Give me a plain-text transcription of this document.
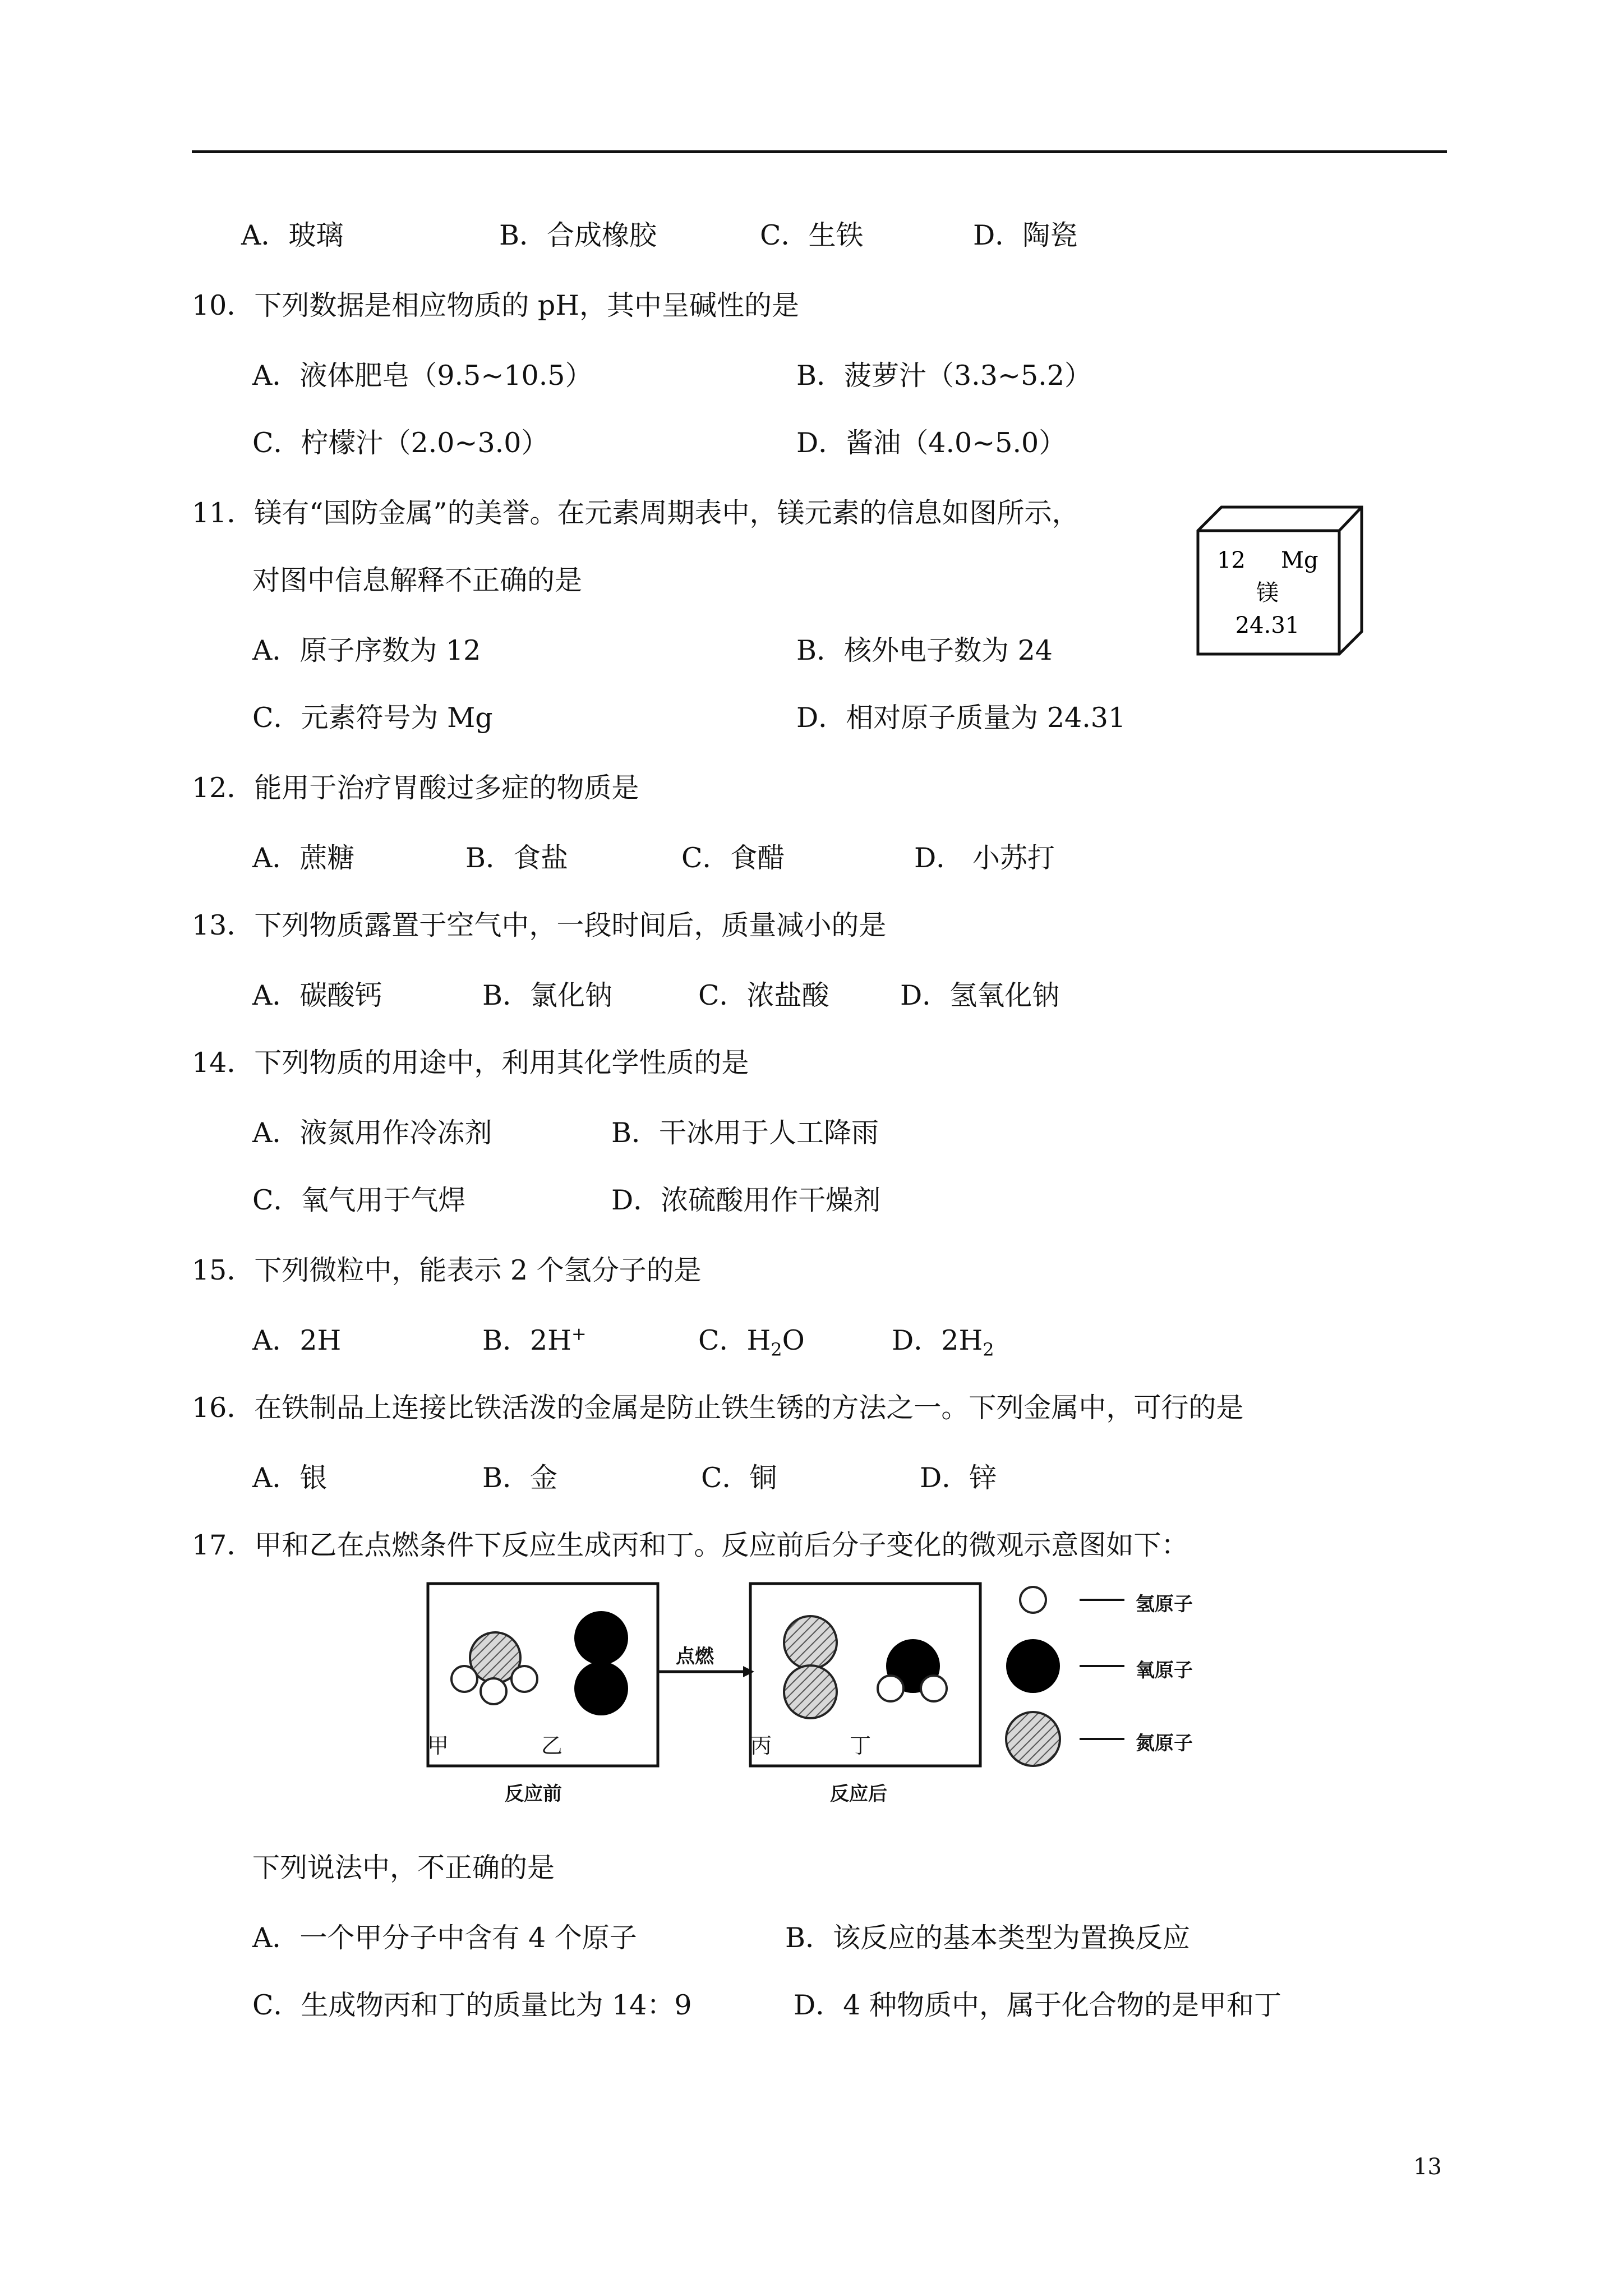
A．玻璃	B．合成橡胶	C．生铁	D．陶瓷
10．下列数据是相应物质的 pH，其中呈碱性的是
A．液体肥皂（9.5~10.5）	B．菠萝汁（3.3~5.2）
C．柠檬汁（2.0~3.0）	D．酱油（4.0~5.0）
11．镁有“国防金属”的美誉。在元素周期表中，镁元素的信息如图所示，
对图中信息解释不正确的是
A．原子序数为 12	B．核外电子数为 24
C．元素符号为 Mg	D．相对原子质量为 24.31
12 Mg
镁
24.31
12．能用于治疗胃酸过多症的物质是
A．蔗糖	B．食盐	C．食醋	D． 小苏打
13．下列物质露置于空气中，一段时间后，质量减小的是
A．碳酸钙	B．氯化钠	C．浓盐酸	D．氢氧化钠
14．下列物质的用途中，利用其化学性质的是
A．液氮用作冷冻剂	B．干冰用于人工降雨
C．氧气用于气焊	D．浓硫酸用作干燥剂
15．下列微粒中，能表示 2 个氢分子的是
A．2H	B．2H+	C．$H_2O$	D．$2H_2$
16．在铁制品上连接比铁活泼的金属是防止铁生锈的方法之一。下列金属中，可行的是
A．银	B．金	C．铜	D．锌
17．甲和乙在点燃条件下反应生成丙和丁。反应前后分子变化的微观示意图如下：
甲	乙	丙	丁
点燃
反应前	反应后
氢原子
氧原子
氮原子
下列说法中，不正确的是
A．一个甲分子中含有 4 个原子	B．该反应的基本类型为置换反应
C．生成物丙和丁的质量比为 14：9	D．4 种物质中，属于化合物的是甲和丁
13
